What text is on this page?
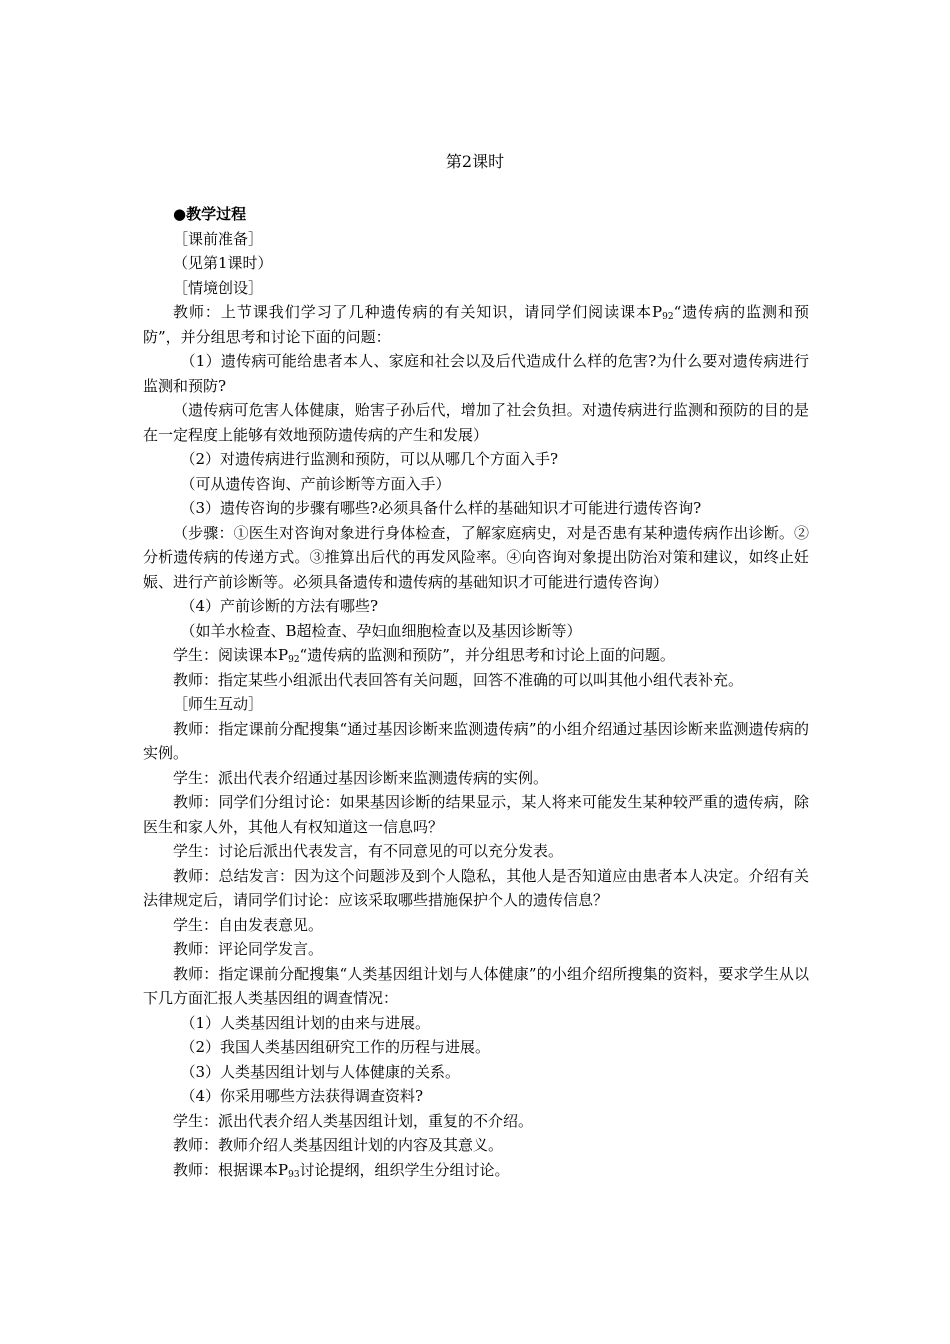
第2课时

●教学过程

［课前准备］

（见第1课时）

［情境创设］

教师：上节课我们学习了几种遗传病的有关知识，请同学们阅读课本$P_{92}“$遗传病的监测和预防”，并分组思考和讨论下面的问题：

（1）遗传病可能给患者本人、家庭和社会以及后代造成什么样的危害?为什么要对遗传病进行监测和预防?

（遗传病可危害人体健康，贻害子孙后代，增加了社会负担。对遗传病进行监测和预防的目的是在一定程度上能够有效地预防遗传病的产生和发展）

（2）对遗传病进行监测和预防，可以从哪几个方面入手?

（可从遗传咨询、产前诊断等方面入手）

（3）遗传咨询的步骤有哪些?必须具备什么样的基础知识才可能进行遗传咨询?

（步骤：①医生对咨询对象进行身体检查，了解家庭病史，对是否患有某种遗传病作出诊断。②分析遗传病的传递方式。③推算出后代的再发风险率。④向咨询对象提出防治对策和建议，如终止妊娠、进行产前诊断等。必须具备遗传和遗传病的基础知识才可能进行遗传咨询）

（4）产前诊断的方法有哪些?

（如羊水检查、B超检查、孕妇血细胞检查以及基因诊断等）

学生：阅读课本$P_{92}“$遗传病的监测和预防”，并分组思考和讨论上面的问题。

教师：指定某些小组派出代表回答有关问题，回答不准确的可以叫其他小组代表补充。

［师生互动］

教师：指定课前分配搜集“通过基因诊断来监测遗传病”的小组介绍通过基因诊断来监测遗传病的实例。

学生：派出代表介绍通过基因诊断来监测遗传病的实例。

教师：同学们分组讨论：如果基因诊断的结果显示，某人将来可能发生某种较严重的遗传病，除医生和家人外，其他人有权知道这一信息吗？

学生：讨论后派出代表发言，有不同意见的可以充分发表。

教师：总结发言：因为这个问题涉及到个人隐私，其他人是否知道应由患者本人决定。介绍有关法律规定后，请同学们讨论：应该采取哪些措施保护个人的遗传信息？

学生：自由发表意见。

教师：评论同学发言。

教师：指定课前分配搜集“人类基因组计划与人体健康”的小组介绍所搜集的资料，要求学生从以下几方面汇报人类基因组的调查情况：

（1）人类基因组计划的由来与进展。

（2）我国人类基因组研究工作的历程与进展。

（3）人类基因组计划与人体健康的关系。

（4）你采用哪些方法获得调查资料?

学生：派出代表介绍人类基因组计划，重复的不介绍。

教师：教师介绍人类基因组计划的内容及其意义。

教师：根据课本$P_{93}$讨论提纲，组织学生分组讨论。
